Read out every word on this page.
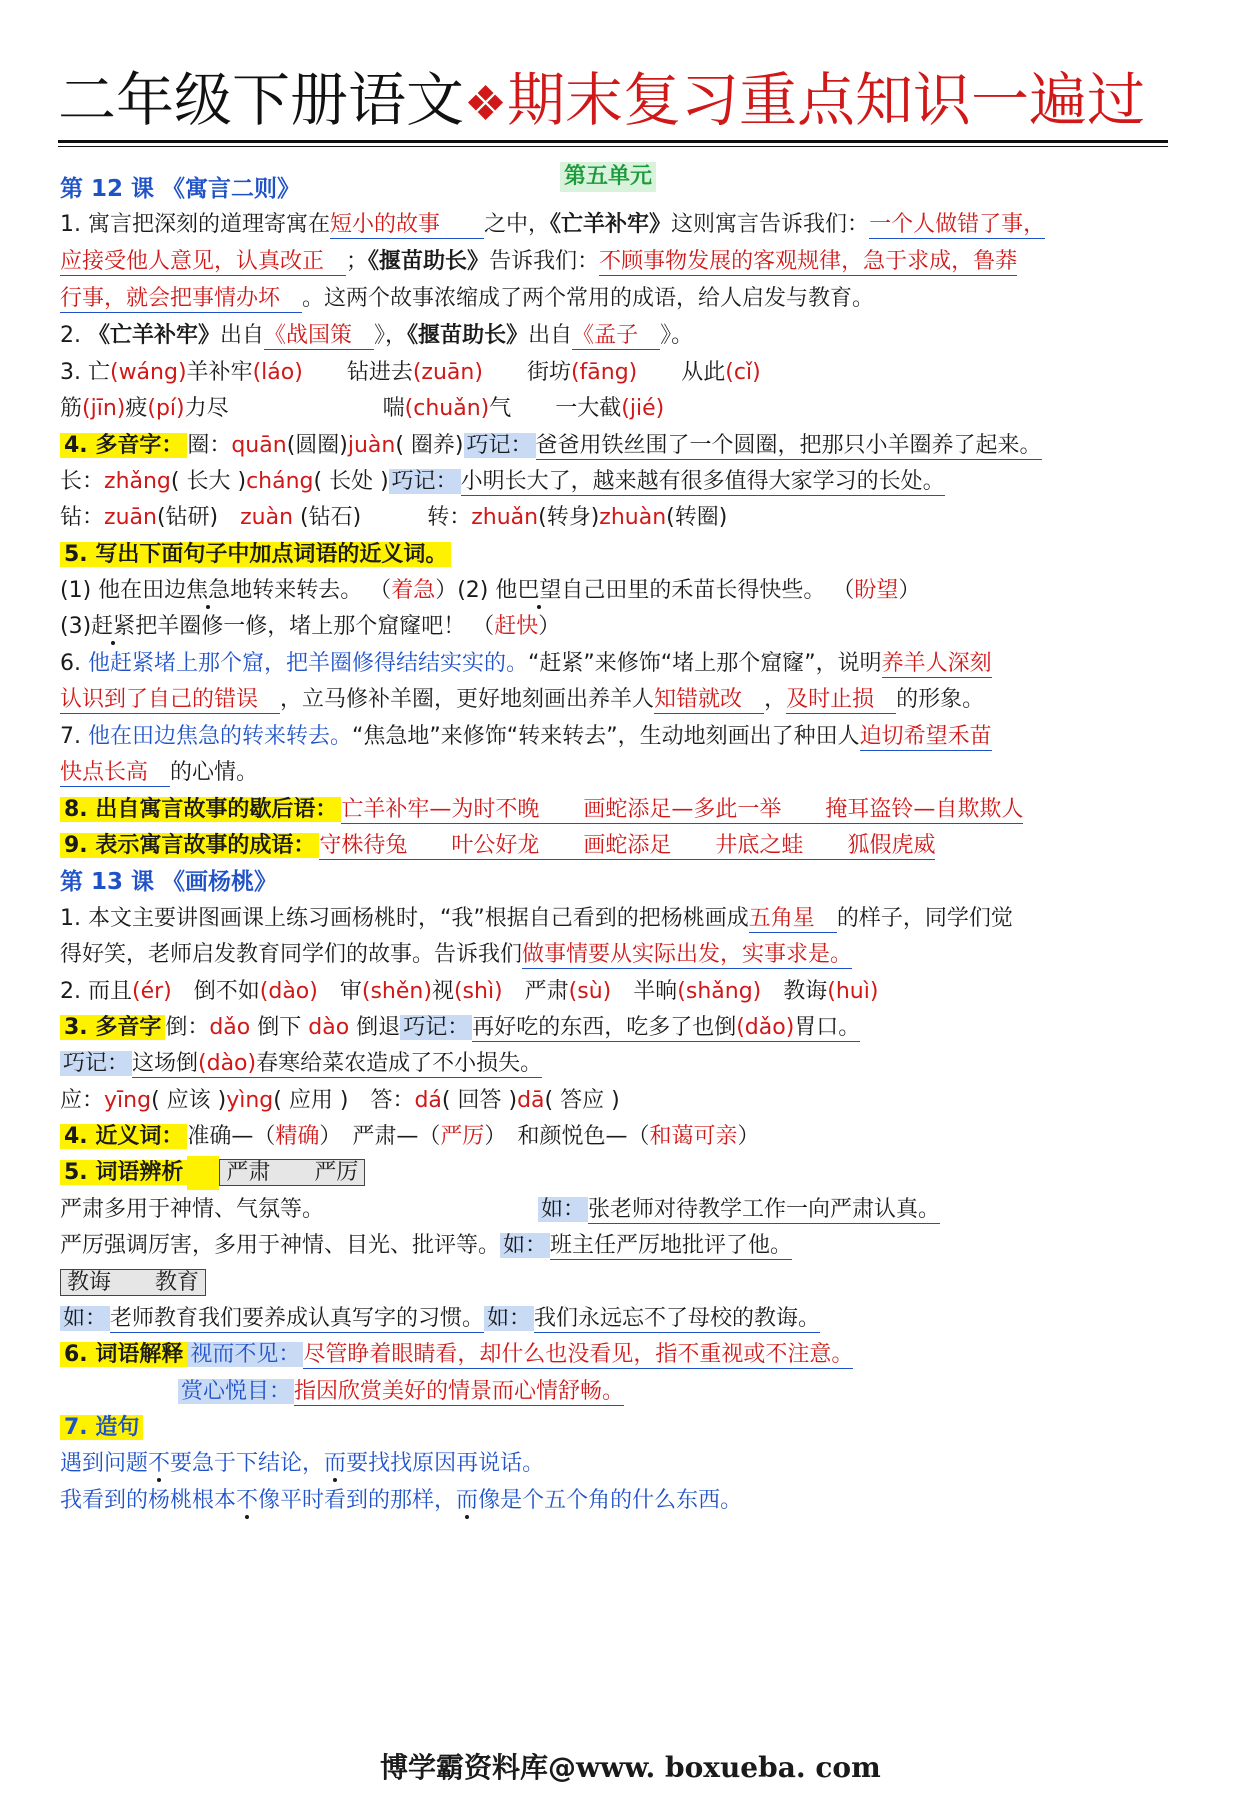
二年级下册语文❖期末复习重点知识一遍过
第五单元
第 12 课 《寓言二则》
1. 寓言把深刻的道理寄寓在短小的故事　　 之中，《亡羊补牢》这则寓言告诉我们：一个人做错了事，
应接受他人意见，认真改正　 ；《揠苗助长》告诉我们：不顾事物发展的客观规律，急于求成，鲁莽
行事，就会把事情办坏　 。这两个故事浓缩成了两个常用的成语，给人启发与教育。
2. 《亡羊补牢》出自《战国策　 》，《揠苗助长》出自《孟子　 》。
3. 亡(wáng)羊补牢(láo)　　 钻进去(zuān)　　 街坊(fāng)　　 从此(cǐ)
筋(jīn)疲(pí)力尽　　　　　　　	喘(chuǎn)气　　 一大截(jié)
4. 多音字： 圈：quān(圆圈)juàn( 圈养) 巧记： 爸爸用铁丝围了一个圆圈，把那只小羊圈养了起来。
长：zhǎng( 长大 )cháng( 长处 ) 巧记： 小明长大了，越来越有很多值得大家学习的长处。
钻：zuān(钻研)　 zuàn (钻石)　　　	转：zhuǎn(转身)zhuàn(转圈)
5. 写出下面句子中加点词语的近义词。
(1) 他在田边焦急地转来转去。 （着急）(2) 他巴望自己田里的禾苗长得快些。 （盼望）
(3)赶紧把羊圈修一修，堵上那个窟窿吧！ （赶快）
6. 他赶紧堵上那个窟，把羊圈修得结结实实的。“赶紧”来修饰“堵上那个窟窿”，说明养羊人深刻
认识到了自己的错误　 ，立马修补羊圈，更好地刻画出养羊人知错就改　 ，及时止损　 的形象。
7. 他在田边焦急的转来转去。“焦急地”来修饰“转来转去”，生动地刻画出了种田人迫切希望禾苗
快点长高　 的心情。
8. 出自寓言故事的歇后语： 亡羊补牢—为时不晚　　 画蛇添足—多此一举　　 掩耳盗铃—自欺欺人
9. 表示寓言故事的成语： 守株待兔　　 叶公好龙　　 画蛇添足　　 井底之蛙　　 狐假虎威
第 13 课 《画杨桃》
1. 本文主要讲图画课上练习画杨桃时，“我”根据自己看到的把杨桃画成五角星　 的样子，同学们觉
得好笑，老师启发教育同学们的故事。告诉我们做事情要从实际出发，实事求是。
2. 而且(ér)　 倒不如(dào)　 审(shěn)视(shì)　 严肃(sù)　 半晌(shǎng)　 教诲(huì)
3. 多音字 倒：dǎo 倒下 dào 倒退 巧记： 再好吃的东西，吃多了也倒(dǎo)胃口。
巧记： 这场倒(dào)春寒给菜农造成了不小损失。
应：yīng( 应该 )yìng( 应用 )　 答：dá( 回答 )dā( 答应 )
4. 近义词： 准确—（精确）　 严肃—（严厉）　 和颜悦色—（和蔼可亲）
5. 词语辨析 严肃　　严厉
严肃多用于神情、气氛等。	如： 张老师对待教学工作一向严肃认真。
严厉强调厉害，多用于神情、目光、批评等。 如： 班主任严厉地批评了他。
教诲　　教育
如： 老师教育我们要养成认真写字的习惯。 如： 我们永远忘不了母校的教诲。
6. 词语解释 视而不见： 尽管睁着眼睛看，却什么也没看见，指不重视或不注意。
赏心悦目： 指因欣赏美好的情景而心情舒畅。
7. 造句
遇到问题不要急于下结论，而要找找原因再说话。
我看到的杨桃根本不像平时看到的那样，而像是个五个角的什么东西。
博学霸资料库@www. boxueba. com
